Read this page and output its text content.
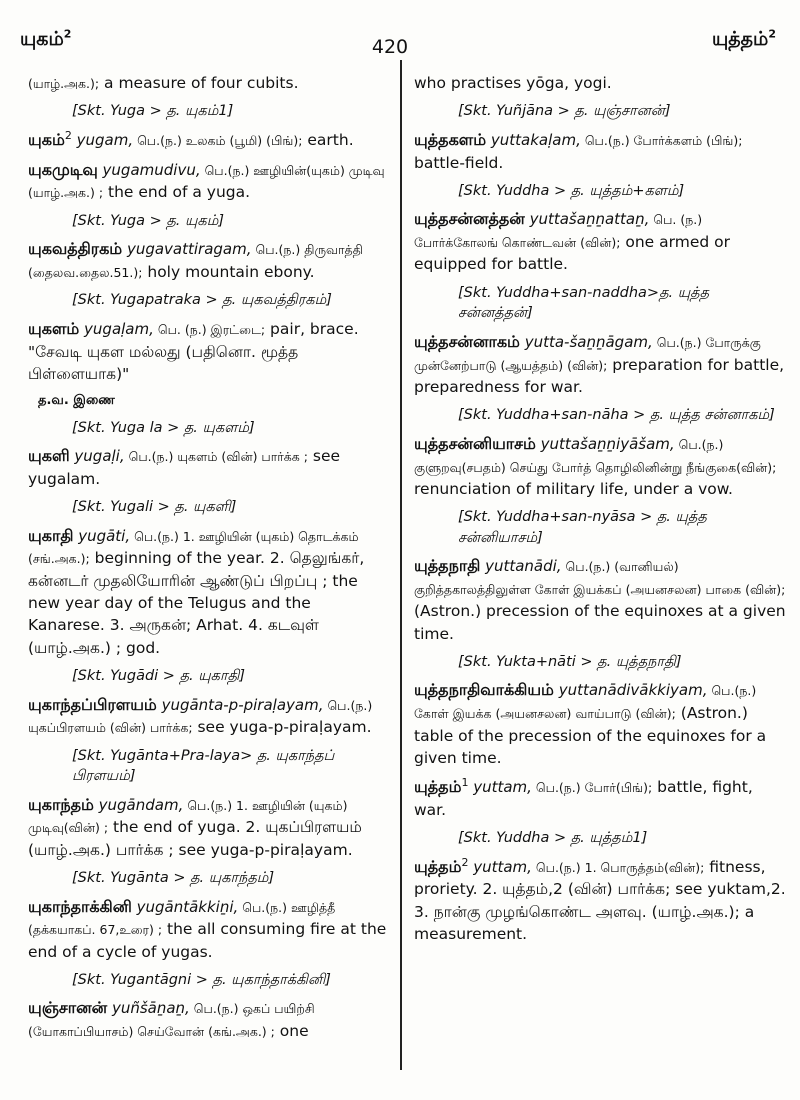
யுகம்$^2$
420	யுத்தம்$^2$

(யாழ்.அக.); a measure of four cubits.

[Skt. Yuga > த. யுகம்1]

யுகம்$^2$ yugam, பெ.(ந.) உலகம் (பூமி) (பிங்); earth.

யுகமுடிவு yugamudivu, பெ.(ந.) ஊழியின்(யுகம்) முடிவு (யாழ்.அக.) ; the end of a yuga.

[Skt. Yuga > த. யுகம்]

யுகவத்திரகம் yugavattiragam, பெ.(ந.) திருவாத்தி (தைலவ.தைல.51.); holy mountain ebony.

[Skt. Yugapatraka > த. யுகவத்திரகம்]

யுகளம் yugaḷam, பெ. (ந.) இரட்டை; pair, brace. "சேவடி யுகள மல்லது (பதினொ. மூத்த பிள்ளையாக)"

த.வ. இணை

[Skt. Yuga la > த. யுகளம்]

யுகளி yugaḷi, பெ.(ந.) யுகளம் (வின்) பார்க்க ; see yugalam.

[Skt. Yugali > த. யுகளி]

யுகாதி yugāti, பெ.(ந.) 1. ஊழியின் (யுகம்) தொடக்கம் (சங்.அக.); beginning of the year. 2. தெலுங்கர், கன்னடர் முதலியோரின் ஆண்டுப் பிறப்பு ; the new year day of the Telugus and the Kanarese. 3. அருகன்; Arhat. 4. கடவுள் (யாழ்.அக.) ; god.

[Skt. Yugādi > த. யுகாதி]

யுகாந்தப்பிரளயம் yugānta-p-piraḷayam, பெ.(ந.) யுகப்பிரளயம் (வின்) பார்க்க; see yuga-p-piraḷayam.

[Skt. Yugānta+Pra-laya> த. யுகாந்தப் பிரளயம்]

யுகாந்தம் yugāndam, பெ.(ந.) 1. ஊழியின் (யுகம்) முடிவு(வின்) ; the end of yuga. 2. யுகப்பிரளயம் (யாழ்.அக.) பார்க்க ; see yuga-p-piraḷayam.

[Skt. Yugānta > த. யுகாந்தம்]

யுகாந்தாக்கினி yugāntākkiṉi, பெ.(ந.) ஊழித்தீ (தக்கயாகப். 67,உரை) ; the all consuming fire at the end of a cycle of yugas.

[Skt. Yugantāgni > த. யுகாந்தாக்கினி]

யுஞ்சானன் yuñšāṉaṉ, பெ.(ந.) ஒகப் பயிற்சி (யோகாப்பியாசம்) செய்வோன் (கங்.அக.) ; one

who practises yōga, yogi.

[Skt. Yuñjāna > த. யுஞ்சானன்]

யுத்தகளம் yuttakaḷam, பெ.(ந.) போர்க்களம் (பிங்); battle-field.

[Skt. Yuddha > த. யுத்தம்+களம்]

யுத்தசன்னத்தன் yuttašaṉṉattaṉ, பெ. (ந.) போர்க்கோலங் கொண்டவன் (வின்); one armed or equipped for battle.

[Skt. Yuddha+san-naddha>த. யுத்த சன்னத்தன்]

யுத்தசன்னாகம் yutta-šaṉṉāgam, பெ.(ந.) போருக்கு முன்னேற்பாடு (ஆயத்தம்) (வின்); preparation for battle, preparedness for war.

[Skt. Yuddha+san-nāha > த. யுத்த சன்னாகம்]

யுத்தசன்னியாசம் yuttašaṉṉiyāšam, பெ.(ந.) குளுறவு(சபதம்) செய்து போர்த் தொழிலினின்று நீங்குகை(வின்); renunciation of military life, under a vow.

[Skt. Yuddha+san-nyāsa > த. யுத்த சன்னியாசம்]

யுத்தநாதி yuttanādi, பெ.(ந.) (வானியல்) குறித்தகாலத்திலுள்ள கோள் இயக்கப் (அயனசலன) பாகை (வின்); (Astron.) precession of the equinoxes at a given time.

[Skt. Yukta+nāti > த. யுத்தநாதி]

யுத்தநாதிவாக்கியம் yuttanādivākkiyam, பெ.(ந.) கோள் இயக்க (அயனசலன) வாய்பாடு (வின்); (Astron.) table of the precession of the equinoxes for a given time.

யுத்தம்$^1$ yuttam, பெ.(ந.) போர்(பிங்); battle, fight, war.

[Skt. Yuddha > த. யுத்தம்1]

யுத்தம்$^2$ yuttam, பெ.(ந.) 1. பொருத்தம்(வின்); fitness, proriety. 2. யுத்தம்,2 (வின்) பார்க்க; see yuktam,2. 3. நான்கு முழங்கொண்ட அளவு. (யாழ்.அக.); a measurement.
